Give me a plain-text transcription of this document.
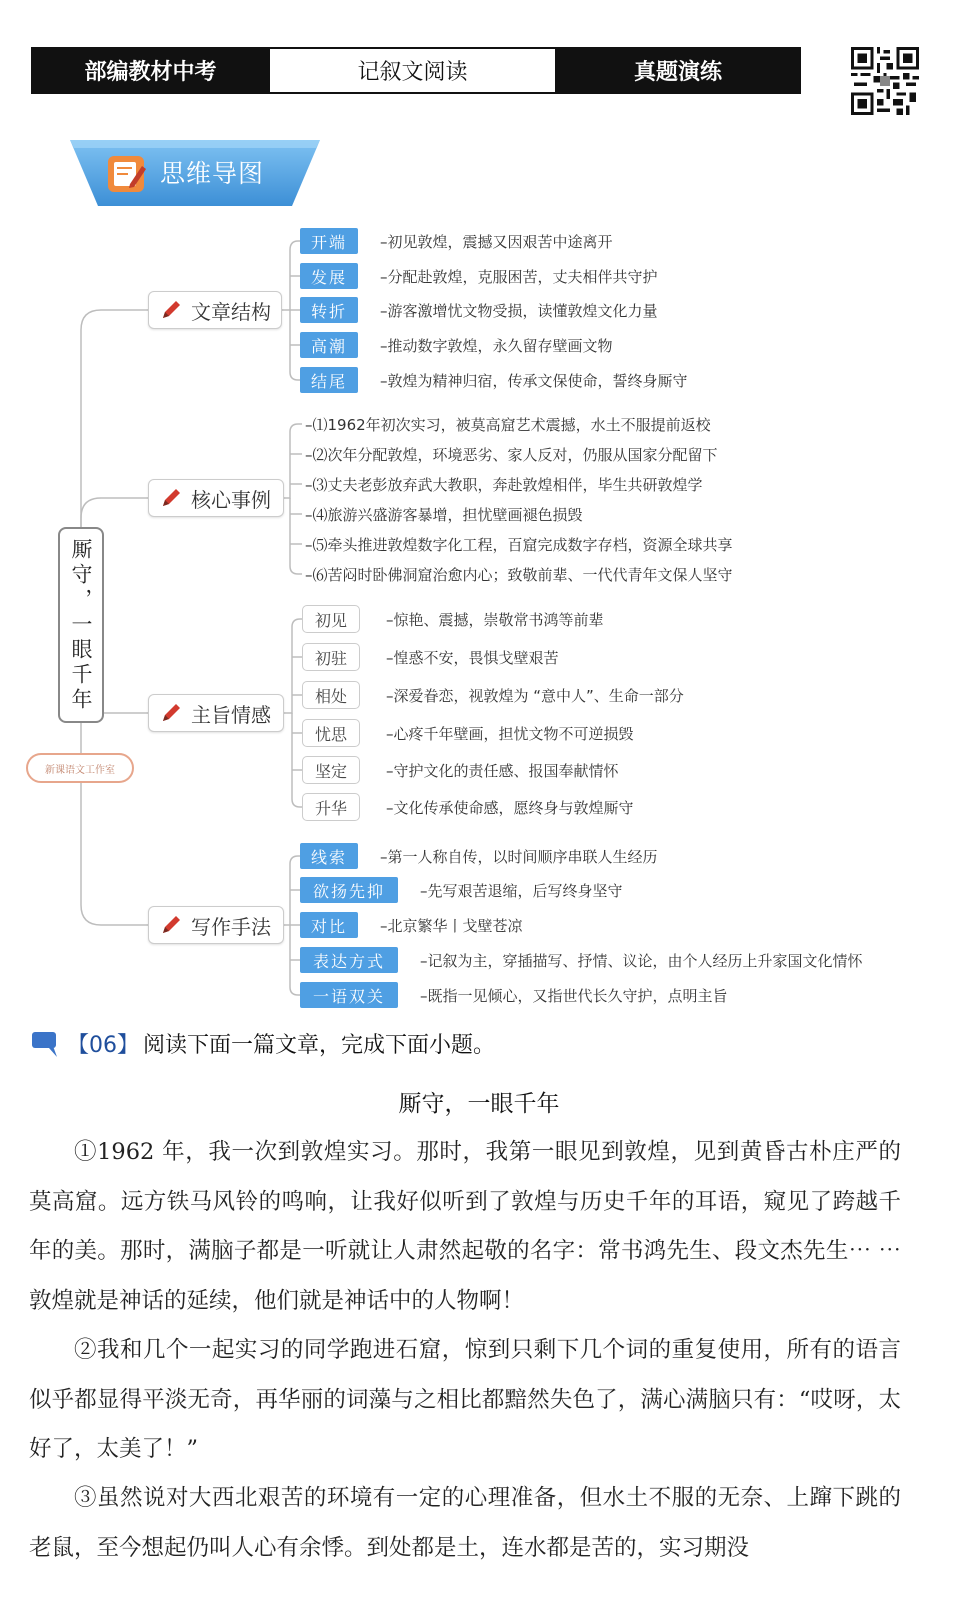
部编教材中考	记叙文阅读	真题演练
思维导图
厮守，一眼千年
新课语文工作室
文章结构
开端
发展
转折
高潮
结尾
–初见敦煌，震撼又因艰苦中途离开
–分配赴敦煌，克服困苦，丈夫相伴共守护
–游客激增忧文物受损，读懂敦煌文化力量
–推动数字敦煌，永久留存壁画文物
–敦煌为精神归宿，传承文保使命，誓终身厮守
核心事例
–⑴1962年初次实习，被莫高窟艺术震撼，水土不服提前返校
–⑵次年分配敦煌，环境恶劣、家人反对，仍服从国家分配留下
–⑶丈夫老彭放弃武大教职，奔赴敦煌相伴，毕生共研敦煌学
–⑷旅游兴盛游客暴增，担忧壁画褪色损毁
–⑸牵头推进敦煌数字化工程，百窟完成数字存档，资源全球共享
–⑹苦闷时卧佛洞窟治愈内心；致敬前辈、一代代青年文保人坚守
主旨情感
初见
初驻
相处
忧思
坚定
升华
–惊艳、震撼，崇敬常书鸿等前辈
–惶惑不安，畏惧戈壁艰苦
–深爱眷恋，视敦煌为 “意中人”、生命一部分
–心疼千年壁画，担忧文物不可逆损毁
–守护文化的责任感、报国奉献情怀
–文化传承使命感，愿终身与敦煌厮守
写作手法
线索
欲扬先抑
对比
表达方式
一语双关
–第一人称自传，以时间顺序串联人生经历
–先写艰苦退缩，后写终身坚守
–北京繁华丨戈壁苍凉
–记叙为主，穿插描写、抒情、议论，由个人经历上升家国文化情怀
–既指一见倾心，又指世代长久守护，点明主旨
【06】 阅读下面一篇文章，完成下面小题。
厮守，一眼千年

①1962 年，我一次到敦煌实习。那时，我第一眼见到敦煌，见到黄昏古朴庄严的莫高窟。远方铁马风铃的鸣响，让我好似听到了敦煌与历史千年的耳语，窥见了跨越千年的美。那时，满脑子都是一听就让人肃然起敬的名字：常书鸿先生、段文杰先生⋯ ⋯ 敦煌就是神话的延续，他们就是神话中的人物啊！

②我和几个一起实习的同学跑进石窟，惊到只剩下几个词的重复使用，所有的语言似乎都显得平淡无奇，再华丽的词藻与之相比都黯然失色了，满心满脑只有：“哎呀，太好了，太美了！”

③虽然说对大西北艰苦的环境有一定的心理准备，但水土不服的无奈、上蹿下跳的老鼠，至今想起仍叫人心有余悸。到处都是土，连水都是苦的，实习期没
